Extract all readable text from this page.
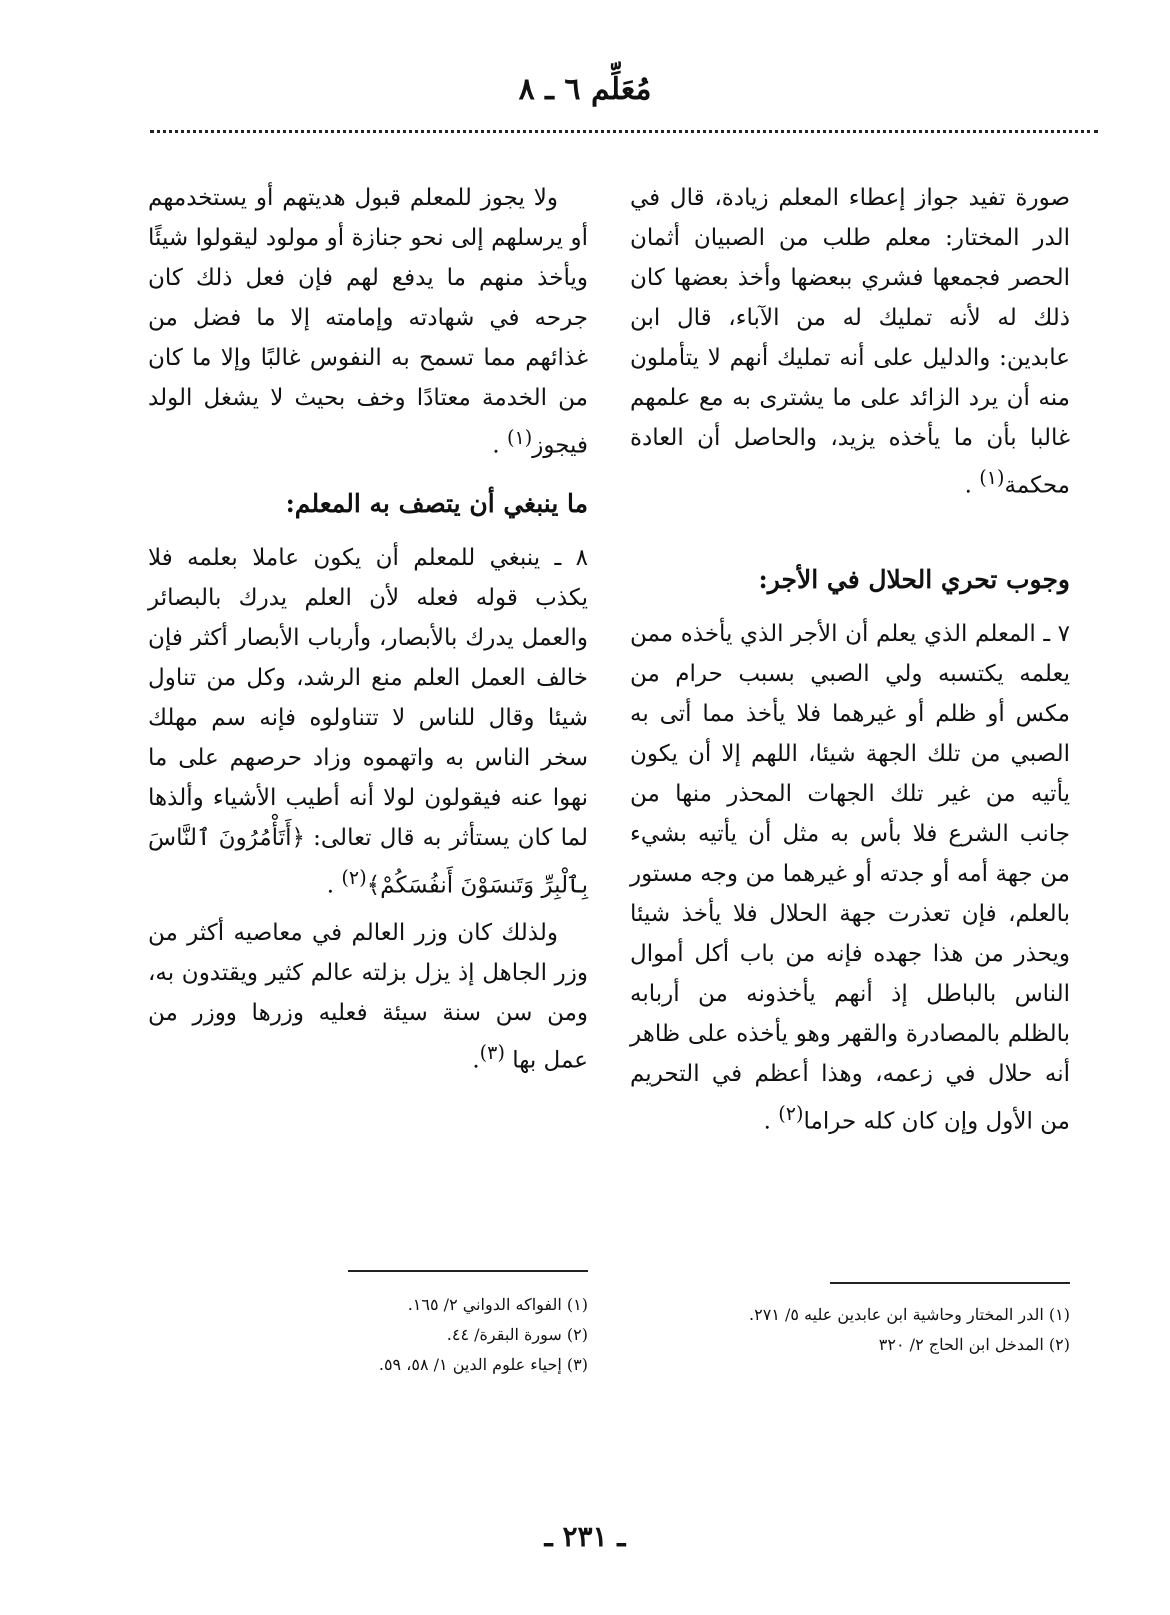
مُعَلِّم ٦ ـ ٨

صورة تفيد جواز إعطاء المعلم زيادة، قال في الدر المختار: معلم طلب من الصبيان أثمان الحصر فجمعها فشري ببعضها وأخذ بعضها كان ذلك له لأنه تمليك له من الآباء، قال ابن عابدين: والدليل على أنه تمليك أنهم لا يتأملون منه أن يرد الزائد على ما يشترى به مع علمهم غالبا بأن ما يأخذه يزيد، والحاصل أن العادة محكمة$^{(١)}$ .

وجوب تحري الحلال في الأجر:

٧ ـ المعلم الذي يعلم أن الأجر الذي يأخذه ممن يعلمه يكتسبه ولي الصبي بسبب حرام من مكس أو ظلم أو غيرهما فلا يأخذ مما أتى به الصبي من تلك الجهة شيئا، اللهم إلا أن يكون يأتيه من غير تلك الجهات المحذر منها من جانب الشرع فلا بأس به مثل أن يأتيه بشيء من جهة أمه أو جدته أو غيرهما من وجه مستور بالعلم، فإن تعذرت جهة الحلال فلا يأخذ شيئا ويحذر من هذا جهده فإنه من باب أكل أموال الناس بالباطل إذ أنهم يأخذونه من أربابه بالظلم بالمصادرة والقهر وهو يأخذه على ظاهر أنه حلال في زعمه، وهذا أعظم في التحريم من الأول وإن كان كله حراما$^{(٢)}$ .

(١) الدر المختار وحاشية ابن عابدين عليه ٥/ ٢٧١.
(٢) المدخل ابن الحاج ٢/ ٣٢٠

ولا يجوز للمعلم قبول هديتهم أو يستخدمهم أو يرسلهم إلى نحو جنازة أو مولود ليقولوا شيئًا ويأخذ منهم ما يدفع لهم فإن فعل ذلك كان جرحه في شهادته وإمامته إلا ما فضل من غذائهم مما تسمح به النفوس غالبًا وإلا ما كان من الخدمة معتادًا وخف بحيث لا يشغل الولد فيجوز$^{(١)}$ .

ما ينبغي أن يتصف به المعلم:

٨ ـ ينبغي للمعلم أن يكون عاملا بعلمه فلا يكذب قوله فعله لأن العلم يدرك بالبصائر والعمل يدرك بالأبصار، وأرباب الأبصار أكثر فإن خالف العمل العلم منع الرشد، وكل من تناول شيئا وقال للناس لا تتناولوه فإنه سم مهلك سخر الناس به واتهموه وزاد حرصهم على ما نهوا عنه فيقولون لولا أنه أطيب الأشياء وألذها لما كان يستأثر به قال تعالى: ﴿أَتَأْمُرُونَ ٱلنَّاسَ بِٱلْبِرِّ وَتَنسَوْنَ أَنفُسَكُمْ﴾$^{(٢)}$ .

ولذلك كان وزر العالم في معاصيه أكثر من وزر الجاهل إذ يزل بزلته عالم كثير ويقتدون به، ومن سن سنة سيئة فعليه وزرها ووزر من عمل بها $^{(٣)}$.

(١) الفواكه الدواني ٢/ ١٦٥.
(٢) سورة البقرة/ ٤٤.
(٣) إحياء علوم الدين ١/ ٥٨، ٥٩.
ـ ٢٣١ ـ
